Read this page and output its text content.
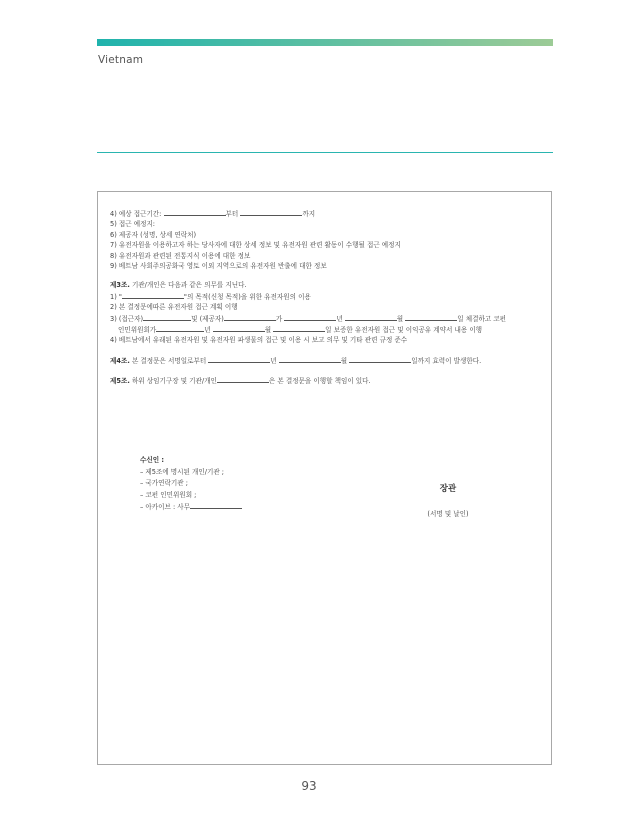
Vietnam
4) 예상 접근기간:	부터	까지
5) 접근 예정지:
6) 제공자 (성명, 상세 연락처)
7) 유전자원을 이용하고자 하는 당사자에 대한 상세 정보 및 유전자원 관련 활동이 수행될 접근 예정지
8) 유전자원과 관련된 전통지식 이용에 대한 정보
9) 베트남 사회주의공화국 영토 이외 지역으로의 유전자원 반출에 대한 정보
제3조. 기관/개인은 다음과 같은 의무를 지닌다.
1) "	"의 목적(신청 목적)을 위한 유전자원의 이용
2) 본 결정문에따른 유전자원 접근 계획 이행
3) (접근자)	및 (제공자)	가	년	월	일 체결하고 코펀
인민위원회가	년	월	일 보증한 유전자원 접근 및 이익공유 계약서 내용 이행
4) 베트남에서 유래된 유전자원 및 유전자원 파생물의 접근 및 이용 시 보고 의무 및 기타 관련 규정 준수
제4조. 본 결정문은 서명일로부터	년	월	일까지 효력이 발생한다.
제5조. 하위 상임기구장 및 기관/개인	은 본 결정문을 이행할 책임이 있다.
수신인 :
– 제5조에 명시된 개인/기관 ;
– 국가연락기관 ;
– 코펀 인민위원회 ;
– 아카이브 : 사무
장관
(서명 및 날인)
93
